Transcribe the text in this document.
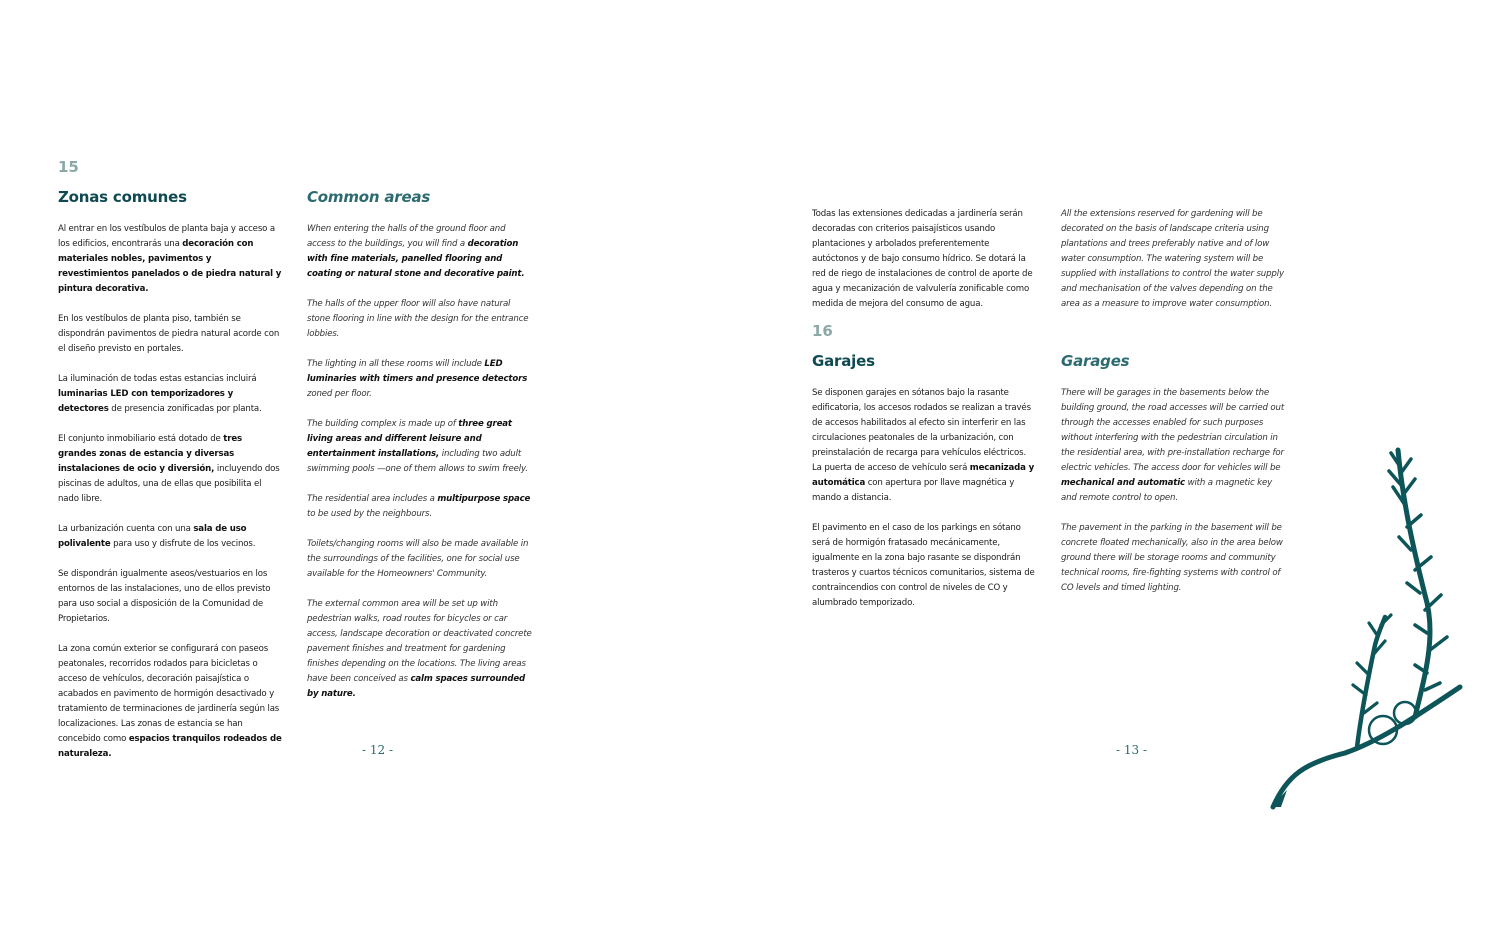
15
Zonas comunes	Common areas

Al entrar en los vestíbulos de planta baja y acceso a los edificios, encontrarás una decoración con materiales nobles, pavimentos y revestimientos panelados o de piedra natural y pintura decorativa.

En los vestíbulos de planta piso, también se dispondrán pavimentos de piedra natural acorde con el diseño previsto en portales.

La iluminación de todas estas estancias incluirá luminarias LED con temporizadores y detectores de presencia zonificadas por planta.

El conjunto inmobiliario está dotado de tres grandes zonas de estancia y diversas instalaciones de ocio y diversión, incluyendo dos piscinas de adultos, una de ellas que posibilita el nado libre.

La urbanización cuenta con una sala de uso polivalente para uso y disfrute de los vecinos.

Se dispondrán igualmente aseos/vestuarios en los entornos de las instalaciones, uno de ellos previsto para uso social a disposición de la Comunidad de Propietarios.

La zona común exterior se configurará con paseos peatonales, recorridos rodados para bicicletas o acceso de vehículos, decoración paisajística o acabados en pavimento de hormigón desactivado y tratamiento de terminaciones de jardinería según las localizaciones. Las zonas de estancia se han concebido como espacios tranquilos rodeados de naturaleza.

When entering the halls of the ground floor and access to the buildings, you will find a decoration with fine materials, panelled flooring and coating or natural stone and decorative paint.

The halls of the upper floor will also have natural stone flooring in line with the design for the entrance lobbies.

The lighting in all these rooms will include LED luminaries with timers and presence detectors zoned per floor.

The building complex is made up of three great living areas and different leisure and entertainment installations, including two adult swimming pools —one of them allows to swim freely.

The residential area includes a multipurpose space to be used by the neighbours.

Toilets/changing rooms will also be made available in the surroundings of the facilities, one for social use available for the Homeowners' Community.

The external common area will be set up with pedestrian walks, road routes for bicycles or car access, landscape decoration or deactivated concrete pavement finishes and treatment for gardening finishes depending on the locations. The living areas have been conceived as calm spaces surrounded by nature.

- 12 -

Todas las extensiones dedicadas a jardinería serán decoradas con criterios paisajísticos usando plantaciones y arbolados preferentemente autóctonos y de bajo consumo hídrico. Se dotará la red de riego de instalaciones de control de aporte de agua y mecanización de valvulería zonificable como medida de mejora del consumo de agua.

All the extensions reserved for gardening will be decorated on the basis of landscape criteria using plantations and trees preferably native and of low water consumption. The watering system will be supplied with installations to control the water supply and mechanisation of the valves depending on the area as a measure to improve water consumption.

16
Garajes	Garages

Se disponen garajes en sótanos bajo la rasante edificatoria, los accesos rodados se realizan a través de accesos habilitados al efecto sin interferir en las circulaciones peatonales de la urbanización, con preinstalación de recarga para vehículos eléctricos. La puerta de acceso de vehículo será mecanizada y automática con apertura por llave magnética y mando a distancia.

El pavimento en el caso de los parkings en sótano será de hormigón fratasado mecánicamente, igualmente en la zona bajo rasante se dispondrán trasteros y cuartos técnicos comunitarios, sistema de contraincendios con control de niveles de CO y alumbrado temporizado.

There will be garages in the basements below the building ground, the road accesses will be carried out through the accesses enabled for such purposes without interfering with the pedestrian circulation in the residential area, with pre-installation recharge for electric vehicles. The access door for vehicles will be mechanical and automatic with a magnetic key and remote control to open.

The pavement in the parking in the basement will be concrete floated mechanically, also in the area below ground there will be storage rooms and community technical rooms, fire-fighting systems with control of CO levels and timed lighting.

- 13 -
